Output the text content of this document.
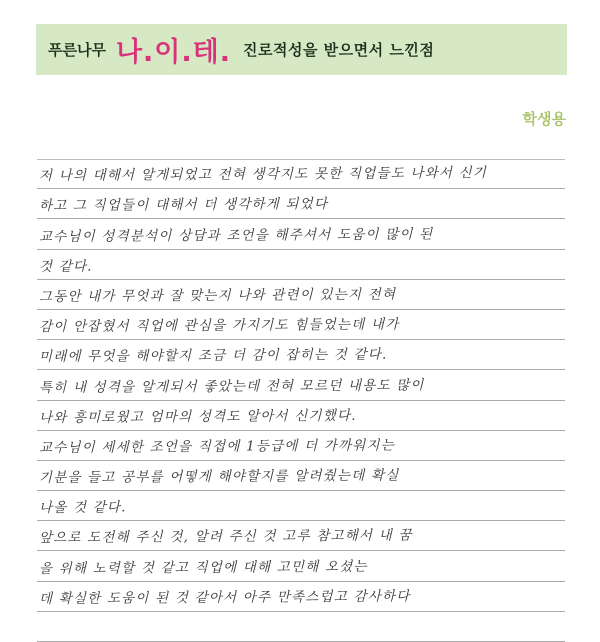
푸른나무 나.이.테. 진로적성을 받으면서 느낀점
학생용
저 나의 대해서 알게되었고 전혀 생각지도 못한 직업들도 나와서 신기
하고 그 직업들이 대해서 더 생각하게 되었다
교수님이 성격분석이 상담과 조언을 해주셔서 도움이 많이 된
것 같다.
그동안 내가 무엇과 잘 맞는지 나와 관련이 있는지 전혀
감이 안잡혔서 직업에 관심을 가지기도 힘들었는데 내가
미래에 무엇을 해야할지 조금 더 감이 잡히는 것 같다.
특히 내 성격을 알게되서 좋았는데 전혀 모르던 내용도 많이
나와 흥미로웠고 엄마의 성격도 알아서 신기했다.
교수님이 세세한 조언을 직접에 1등급에 더 가까워지는
기분을 들고 공부를 어떻게 해야할지를 알려줬는데 확실
나올 것 같다.
앞으로 도전해 주신 것, 알려 주신 것 고루 참고해서 내 꿈
을 위해 노력할 것 같고 직업에 대해 고민해 오셨는
데 확실한 도움이 된 것 같아서 아주 만족스럽고 감사하다
